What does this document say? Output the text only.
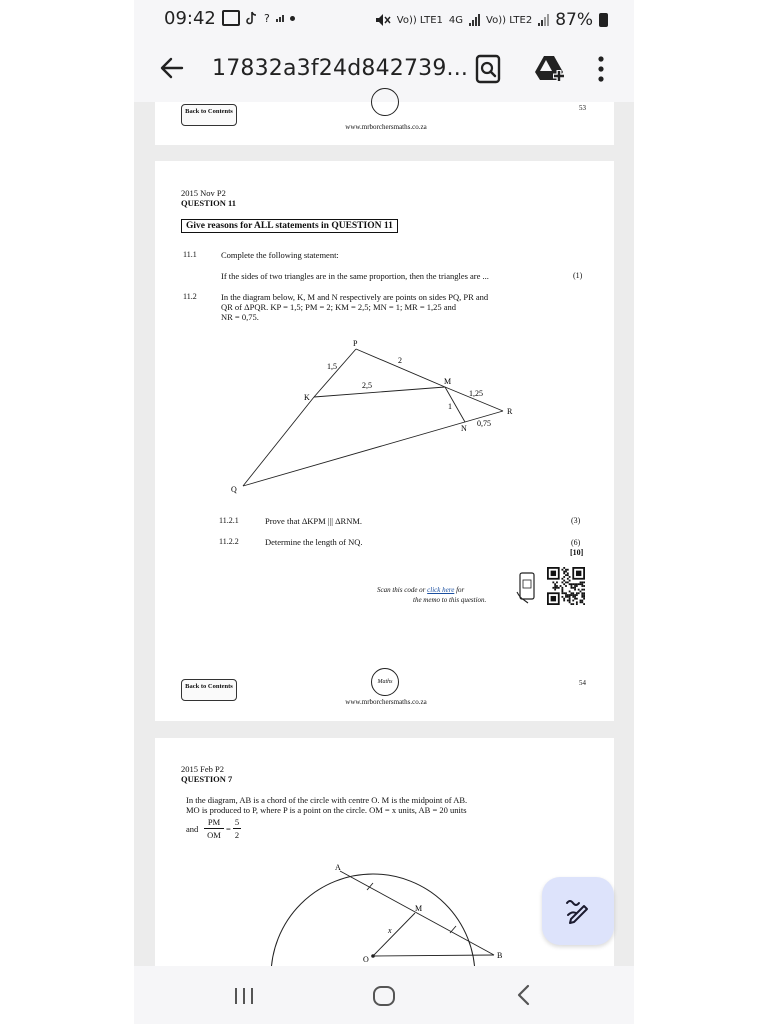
09:42	?	Vo)) LTE1 4G Vo)) LTE2 87%
17832a3f24d842739...
Back to Contents
www.mrborchersmaths.co.za
53
2015 Nov P2
QUESTION 11
Give reasons for ALL statements in QUESTION 11
11.1	Complete the following statement:
If the sides of two triangles are in the same proportion, then the triangles are ...	(1)
11.2	In the diagram below, K, M and N respectively are points on sides PQ, PR and
QR of ΔPQR. KP = 1,5; PM = 2; KM = 2,5; MN = 1; MR = 1,25 and
NR = 0,75.
P
K
M
R
N
Q
1,5
2
2,5
1,25
1
0,75
11.2.1	Prove that ΔKPM ||| ΔRNM.	(3)
11.2.2	Determine the length of NQ.	(6)
[10]
Scan this code or click here for
the memo to this question.
Maths
Back to Contents
www.mrborchersmaths.co.za
54
2015 Feb P2
QUESTION 7
In the diagram, AB is a chord of the circle with centre O. M is the midpoint of AB.
MO is produced to P, where P is a point on the circle. OM = x units, AB = 20 units
and
PM
OM
=
5
2
A
M
O	B
x
